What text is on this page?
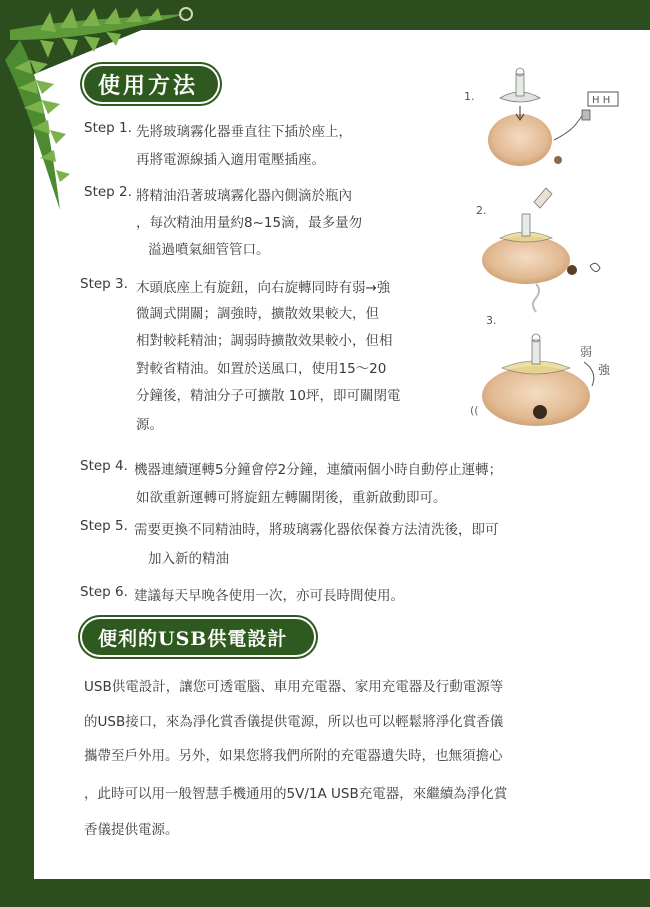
使用方法
Step 1. 先將玻璃霧化器垂直往下插於座上，
再將電源線插入適用電壓插座。
Step 2. 將精油沿著玻璃霧化器內側滴於瓶內
，每次精油用量約8~15滴，最多量勿
溢過噴氣細管管口。
Step 3. 木頭底座上有旋鈕，向右旋轉同時有弱→強
微調式開關；調強時，擴散效果較大，但
相對較耗精油；調弱時擴散效果較小，但相
對較省精油。如置於送風口，使用15～20
分鐘後，精油分子可擴散 10坪，即可關閉電
源。
Step 4. 機器連續運轉5分鐘會停2分鐘，連續兩個小時自動停止運轉；
如欲重新運轉可將旋鈕左轉關閉後，重新啟動即可。
Step 5. 需要更換不同精油時，將玻璃霧化器依保養方法清洗後，即可
加入新的精油
Step 6. 建議每天早晚各使用一次，亦可長時間使用。
便利的USB供電設計
USB供電設計，讓您可透電腦、車用充電器、家用充電器及行動電源等
的USB接口，來為淨化賞香儀提供電源，所以也可以輕鬆將淨化賞香儀
攜帶至戶外用。另外，如果您將我們所附的充電器遺失時，也無須擔心
，此時可以用一般智慧手機通用的5V/1A USB充電器，來繼續為淨化賞
香儀提供電源。
1.	H H
2.
3.
((
弱
強
